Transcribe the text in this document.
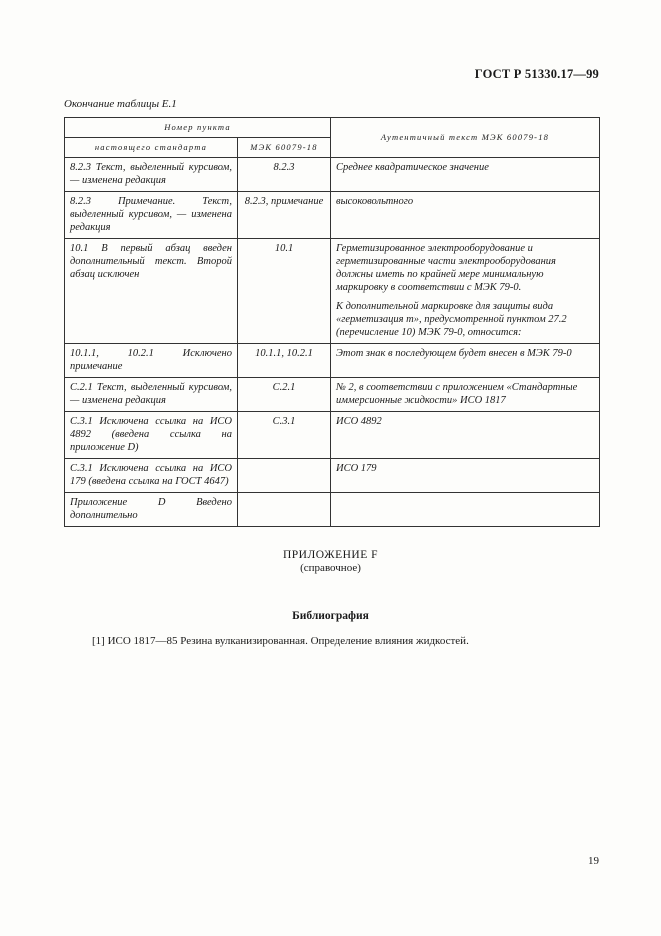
ГОСТ Р 51330.17—99
Окончание таблицы Е.1
Номер пункта		Аутентичный текст МЭК 60079-18
настоящего стандарта	МЭК 60079-18	
8.2.3 Текст, выделенный курсивом, — изменена редакция	8.2.3	Среднее квадратическое значение

8.2.3 Примечание. Текст, выделенный курсивом, — изменена редакция	8.2.3, примечание	высоковольтного

10.1 В первый абзац введен дополнительный текст. Второй абзац исключен	10.1	Герметизированное электрооборудование и герметизированные части электрооборудования должны иметь по крайней мере минимальную маркировку в соответствии с МЭК 79-0.

К дополнительной маркировке для защиты вида «герметизация m», предусмотренной пунктом 27.2 (перечисление 10) МЭК 79-0, относится:

10.1.1, 10.2.1 Исключено примечание	10.1.1, 10.2.1	Этот знак в последующем будет внесен в МЭК 79-0

С.2.1 Текст, выделенный курсивом, — изменена редакция	С.2.1	№ 2, в соответствии с приложением «Стандартные иммерсионные жидкости» ИСО 1817

С.3.1 Исключена ссылка на ИСО 4892 (введена ссылка на приложение D)	С.3.1	ИСО 4892

С.3.1 Исключена ссылка на ИСО 179 (введена ссылка на ГОСТ 4647)		ИСО 179

Приложение D Введено дополнительно		

ПРИЛОЖЕНИЕ F
(справочное)
Библиография
[1] ИСО 1817—85 Резина вулканизированная. Определение влияния жидкостей.
19
